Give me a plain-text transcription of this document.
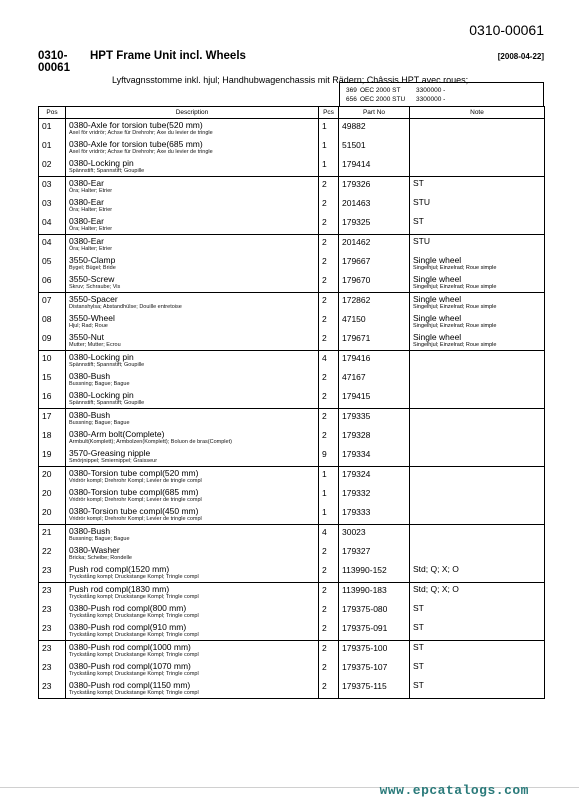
0310-00061
0310-00061
HPT Frame Unit incl. Wheels	[2008-04-22]
Lyftvagnsstomme inkl. hjul; Handhubwagenchassis mit Rädern; Châssis HPT avec roues;
369 OEC 2000 ST	3300000 -
656 OEC 2000 STU	3300000 -
Pos	Description	Pcs	Part No	Note
01	0380-Axle for torsion tube(520 mm)
Axel för vridrör; Achse für Drehrohr; Axe du levier de tringle	1	49882	

01	0380-Axle for torsion tube(685 mm)
Axel för vridrör; Achse für Drehrohr; Axe du levier de tringle	1	51501	

02	0380-Locking pin
Spännstift; Spannstift; Goupille	1	179414	

03	0380-Ear
Öra; Halter; Etrier	2	179326	ST

03	0380-Ear
Öra; Halter; Etrier	2	201463	STU

04	0380-Ear
Öra; Halter; Etrier	2	179325	ST

04	0380-Ear
Öra; Halter; Etrier	2	201462	STU

05	3550-Clamp
Bygel; Bügel; Bride	2	179667	Single wheel
Singelhjul; Einzelrad; Roue simple

06	3550-Screw
Skruv; Schraube; Vis	2	179670	Single wheel
Singelhjul; Einzelrad; Roue simple

07	3550-Spacer
Distanshylsa; Abstandhülse; Douille entretoise	2	172862	Single wheel
Singelhjul; Einzelrad; Roue simple

08	3550-Wheel
Hjul; Rad; Roue	2	47150	Single wheel
Singelhjul; Einzelrad; Roue simple

09	3550-Nut
Mutter; Mutter; Ecrou	2	179671	Single wheel
Singelhjul; Einzelrad; Roue simple

10	0380-Locking pin
Spännstift; Spannstift; Goupille	4	179416	

15	0380-Bush
Bussning; Bague; Bague	2	47167	

16	0380-Locking pin
Spännstift; Spannstift; Goupille	2	179415	

17	0380-Bush
Bussning; Bague; Bague	2	179335	

18	0380-Arm bolt(Complete)
Armbult(Komplett); Armbolzen(Komplett); Boluon de bras(Complet)	2	179328	

19	3570-Greasing nipple
Smörjnippel; Smiernippel; Graisseur	9	179334	

20	0380-Torsion tube compl(520 mm)
Vridrör kompl; Drehrohr Kompl; Levier de tringle compl	1	179324	

20	0380-Torsion tube compl(685 mm)
Vridrör kompl; Drehrohr Kompl; Levier de tringle compl	1	179332	

20	0380-Torsion tube compl(450 mm)
Vridrör kompl; Drehrohr Kompl; Levier de tringle compl	1	179333	

21	0380-Bush
Bussning; Bague; Bague	4	30023	

22	0380-Washer
Bricka; Scheibe; Rondelle	2	179327	

23	Push rod compl(1520 mm)
Tryckstång kompl; Druckstange Kompl; Tringle compl	2	113990-152	Std; Q; X; O

23	Push rod compl(1830 mm)
Tryckstång kompl; Druckstange Kompl; Tringle compl	2	113990-183	Std; Q; X; O

23	0380-Push rod compl(800 mm)
Tryckstång kompl; Druckstange Kompl; Tringle compl	2	179375-080	ST

23	0380-Push rod compl(910 mm)
Tryckstång kompl; Druckstange Kompl; Tringle compl	2	179375-091	ST

23	0380-Push rod compl(1000 mm)
Tryckstång kompl; Druckstange Kompl; Tringle compl	2	179375-100	ST

23	0380-Push rod compl(1070 mm)
Tryckstång kompl; Druckstange Kompl; Tringle compl	2	179375-107	ST

23	0380-Push rod compl(1150 mm)
Tryckstång kompl; Druckstange Kompl; Tringle compl	2	179375-115	ST
www.epcatalogs.com
